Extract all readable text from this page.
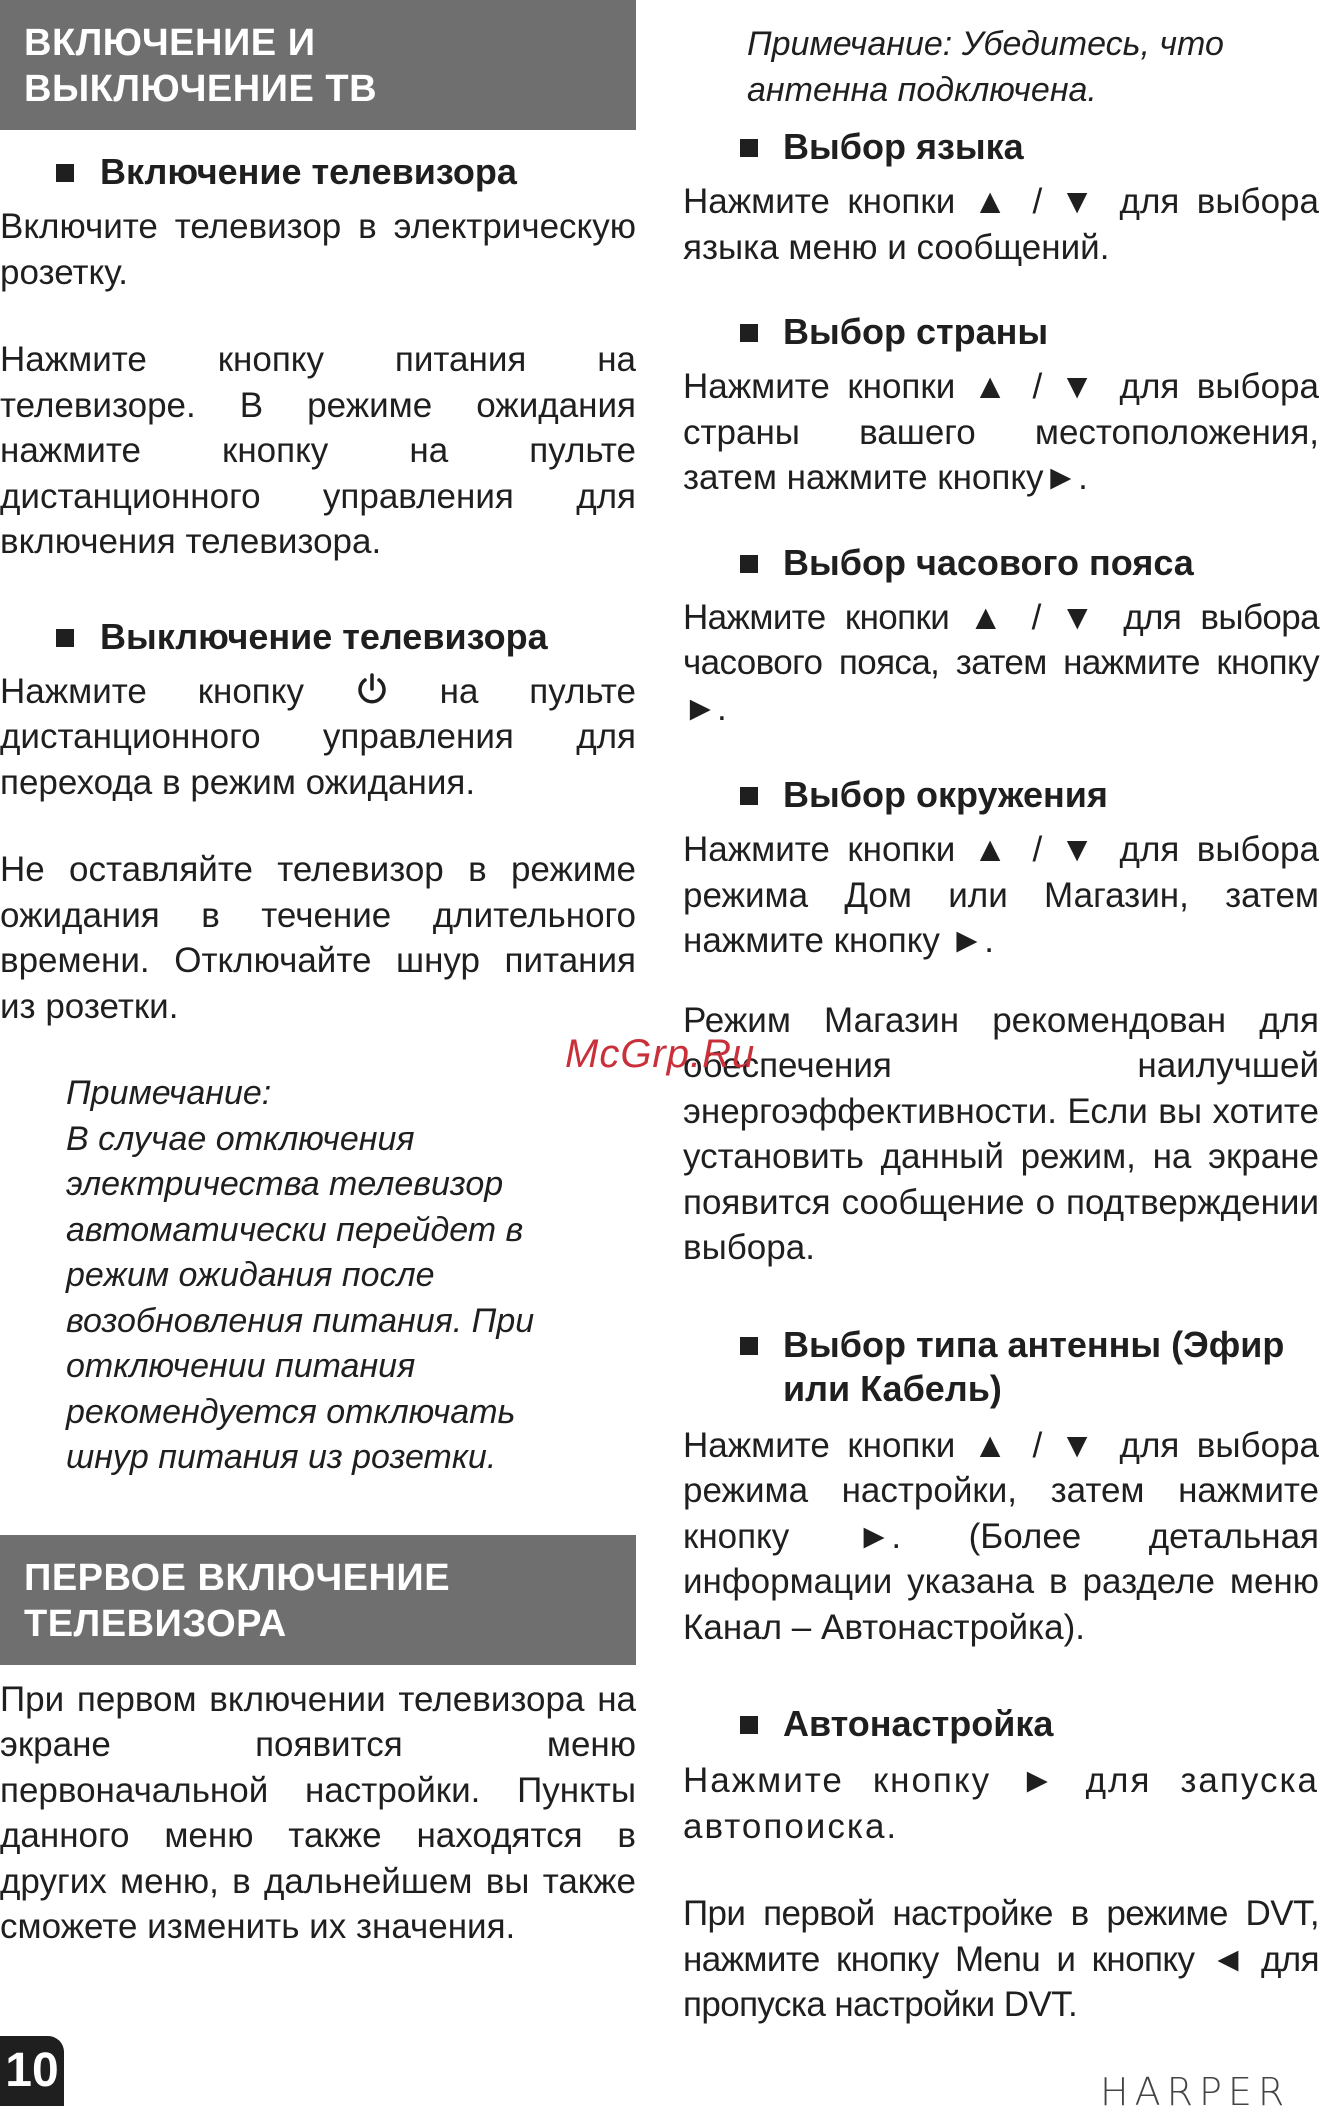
ВКЛЮЧЕНИЕ И ВЫКЛЮЧЕНИЕ ТВ
Включение телевизора

Включите телевизор в электрическую розетку.

Нажмите кнопку питания на телевизоре. В режиме ожидания нажмите кнопку на пульте дистанционного управления для включения телевизора.

Выключение телевизора

Нажмите кнопку	на пульте дистанционного управления для перехода в режим ожидания.

Не оставляйте телевизор в режиме ожидания в течение длительного времени. Отключайте шнур питания из розетки.

Примечание:

В случае отключения электричества телевизор автоматически перейдет в режим ожидания после возобновления питания. При отключении питания рекомендуется отключать шнур питания из розетки.

ПЕРВОЕ ВКЛЮЧЕНИЕ ТЕЛЕВИЗОРА

При первом включении телевизора на экране появится меню первоначальной настройки. Пункты данного меню также находятся в других меню, в дальнейшем вы также сможете изменить их значения.

Примечание: Убедитесь, что антенна подключена.

Выбор языка

Нажмите кнопки ▲ / ▼ для выбора языка меню и сообщений.

Выбор страны

Нажмите кнопки ▲ / ▼ для выбора страны вашего местоположения, затем нажмите кнопку►.

Выбор часового пояса

Нажмите кнопки ▲ / ▼ для выбора часового пояса, затем нажмите кнопку ►.

Выбор окружения

Нажмите кнопки ▲ / ▼ для выбора режима Дом или Магазин, затем нажмите кнопку ►.

Режим Магазин рекомендован для обеспечения наилучшей энергоэффективности. Если вы хотите установить данный режим, на экране появится сообщение о подтверждении выбора.

Выбор типа антенны (Эфир или Кабель)

Нажмите кнопки ▲ / ▼ для выбора режима настройки, затем нажмите кнопку ►. (Более детальная информации указана в разделе меню Канал – Автонастройка).

Автонастройка

Нажмите кнопку ► для запуска автопоиска.

При первой настройке в режиме DVT, нажмите кнопку Menu и кнопку ◄ для пропуска настройки DVT.

10	HARPER
McGrp.Ru
